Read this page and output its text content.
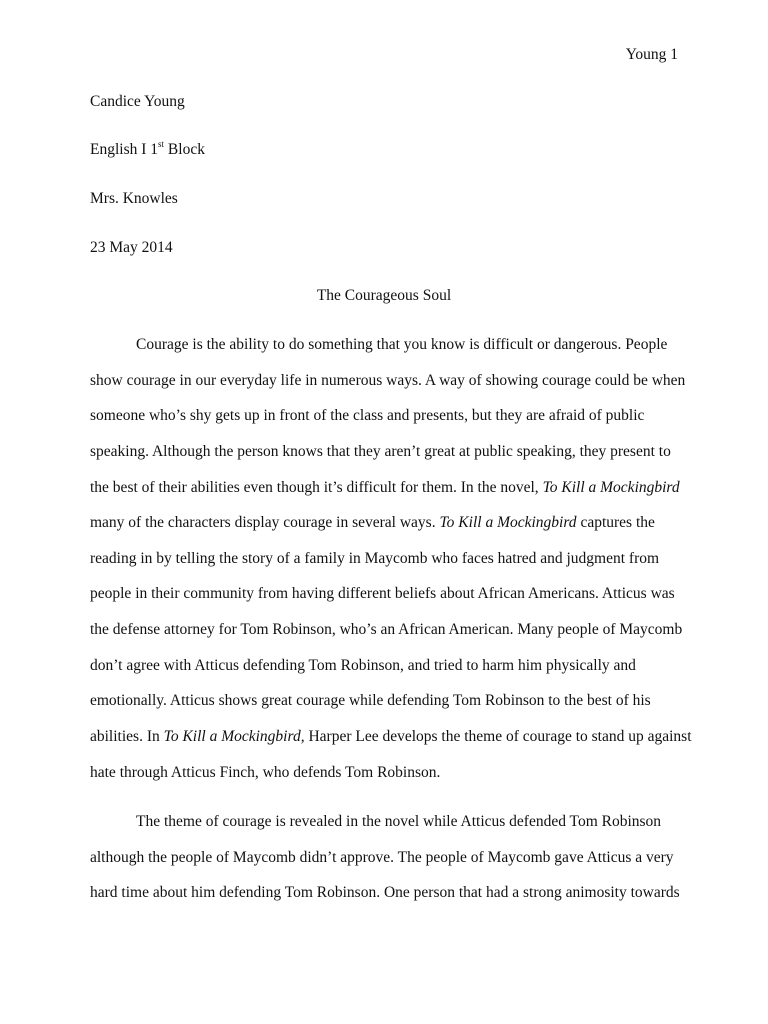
Young 1
Candice Young
English I 1st Block
Mrs. Knowles
23 May 2014
The Courageous Soul
Courage is the ability to do something that you know is difficult or dangerous. People
show courage in our everyday life in numerous ways. A way of showing courage could be when
someone who’s shy gets up in front of the class and presents, but they are afraid of public
speaking. Although the person knows that they aren’t great at public speaking, they present to
the best of their abilities even though it’s difficult for them. In the novel, To Kill a Mockingbird
many of the characters display courage in several ways. To Kill a Mockingbird captures the
reading in by telling the story of a family in Maycomb who faces hatred and judgment from
people in their community from having different beliefs about African Americans. Atticus was
the defense attorney for Tom Robinson, who’s an African American. Many people of Maycomb
don’t agree with Atticus defending Tom Robinson, and tried to harm him physically and
emotionally. Atticus shows great courage while defending Tom Robinson to the best of his
abilities. In To Kill a Mockingbird, Harper Lee develops the theme of courage to stand up against
hate through Atticus Finch, who defends Tom Robinson.
The theme of courage is revealed in the novel while Atticus defended Tom Robinson
although the people of Maycomb didn’t approve. The people of Maycomb gave Atticus a very
hard time about him defending Tom Robinson. One person that had a strong animosity towards
